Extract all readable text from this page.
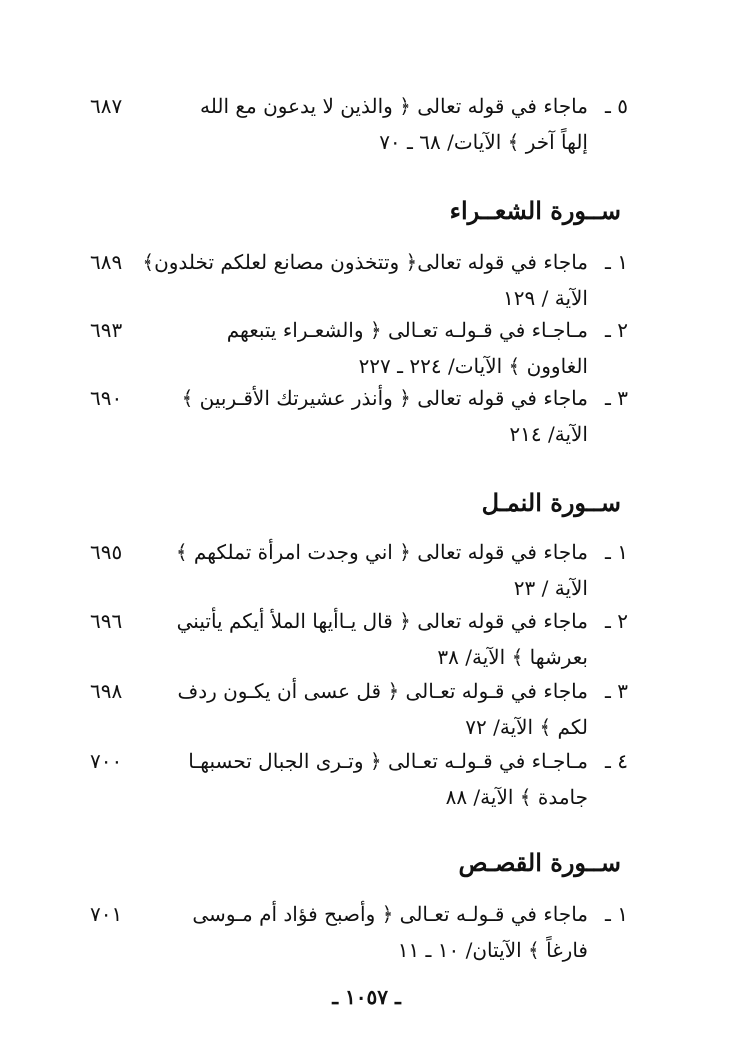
٥ ـ
ماجاء في قوله تعالى ﴿ والذين لا يدعون مع الله
٦٨٧
إلهاً آخر ﴾ الآيات/ ٦٨ ـ ٧٠
ســورة الشعــراء
١ ـ
ماجاء في قوله تعالى﴿ وتتخذون مصانع لعلكم تخلدون﴾
٦٨٩
الآية / ١٢٩
٢ ـ
مـاجـاء في قـولـه تعـالى ﴿ والشعـراء يتبعهم
٦٩٣
الغاوون ﴾ الآيات/ ٢٢٤ ـ ٢٢٧
٣ ـ
ماجاء في قوله تعالى ﴿ وأنذر عشيرتك الأقـربين ﴾
٦٩٠
الآية/ ٢١٤
ســورة النمـل
١ ـ
ماجاء في قوله تعالى ﴿ اني وجدت امرأة تملكهم ﴾
٦٩٥
الآية / ٢٣
٢ ـ
ماجاء في قوله تعالى ﴿ قال يـاأيها الملأ أيكم يأتيني
٦٩٦
بعرشها ﴾ الآية/ ٣٨
٣ ـ
ماجاء في قـوله تعـالى ﴿ قل عسى أن يكـون ردف
٦٩٨
لكم ﴾ الآية/ ٧٢
٤ ـ
مـاجـاء في قـولـه تعـالى ﴿ وتـرى الجبال تحسبهـا
٧٠٠
جامدة ﴾ الآية/ ٨٨
ســورة القصـص
١ ـ
ماجاء في قـولـه تعـالى ﴿ وأصبح فؤاد أم مـوسى
٧٠١
فارغاً ﴾ الآيتان/ ١٠ ـ ١١
ـ ١٠٥٧ ـ
